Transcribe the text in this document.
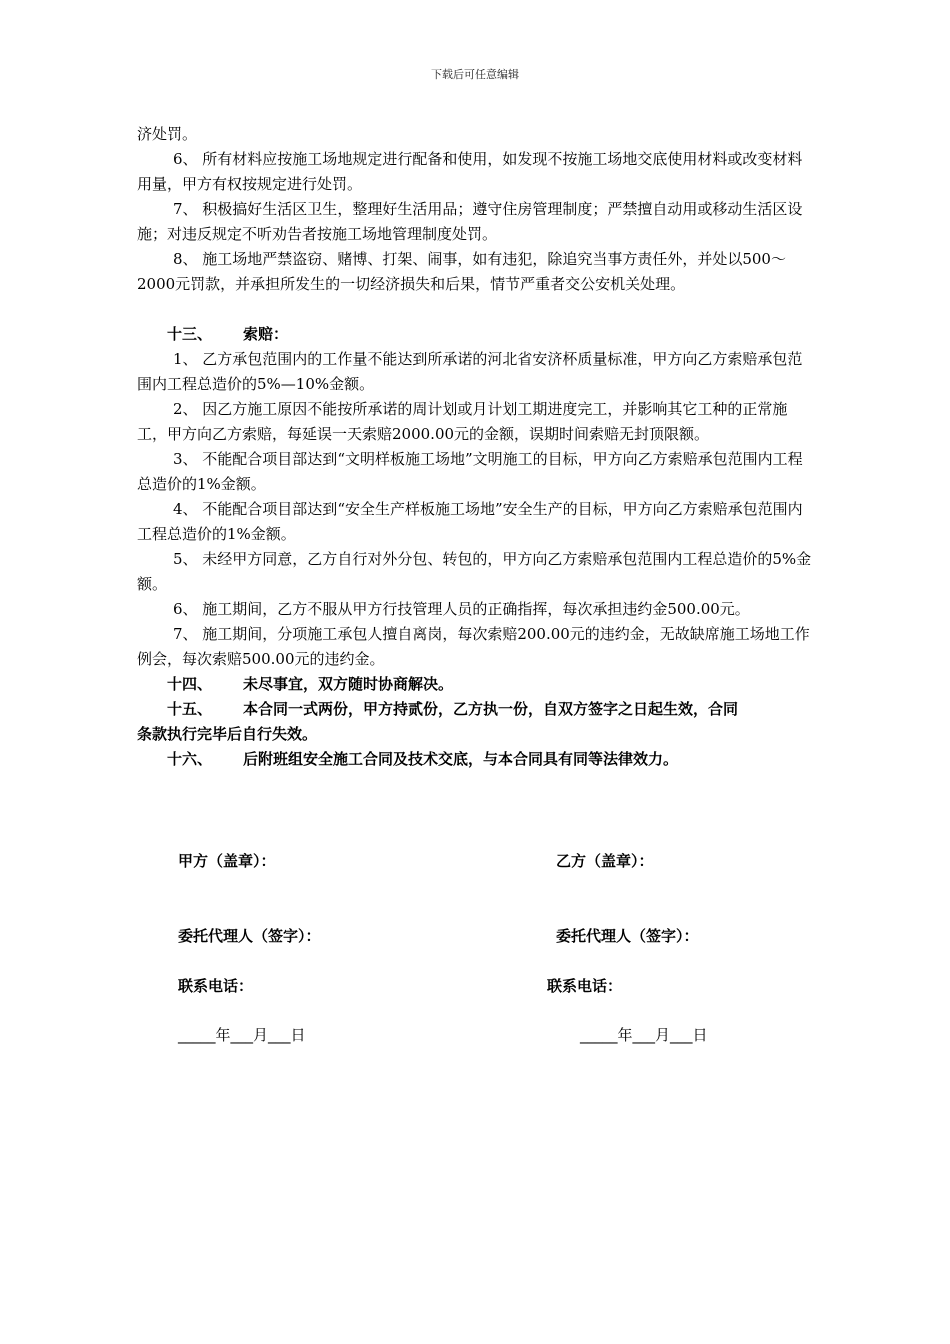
下载后可任意编辑

济处罚。

6、 所有材料应按施工场地规定进行配备和使用，如发现不按施工场地交底使用材料或改变材料用量，甲方有权按规定进行处罚。

7、 积极搞好生活区卫生，整理好生活用品；遵守住房管理制度；严禁擅自动用或移动生活区设施；对违反规定不听劝告者按施工场地管理制度处罚。

8、 施工场地严禁盗窃、赌博、打架、闹事，如有违犯，除追究当事方责任外，并处以500～2000元罚款，并承担所发生的一切经济损失和后果，情节严重者交公安机关处理。

十三、 索赔：

1、 乙方承包范围内的工作量不能达到所承诺的河北省安济杯质量标准，甲方向乙方索赔承包范围内工程总造价的5%—10%金额。

2、 因乙方施工原因不能按所承诺的周计划或月计划工期进度完工，并影响其它工种的正常施工，甲方向乙方索赔，每延误一天索赔2000.00元的金额，误期时间索赔无封顶限额。

3、 不能配合项目部达到“文明样板施工场地”文明施工的目标，甲方向乙方索赔承包范围内工程总造价的1%金额。

4、 不能配合项目部达到“安全生产样板施工场地”安全生产的目标，甲方向乙方索赔承包范围内工程总造价的1%金额。

5、 未经甲方同意，乙方自行对外分包、转包的，甲方向乙方索赔承包范围内工程总造价的5%金额。

6、 施工期间，乙方不服从甲方行技管理人员的正确指挥，每次承担违约金500.00元。

7、 施工期间，分项施工承包人擅自离岗，每次索赔200.00元的违约金，无故缺席施工场地工作例会，每次索赔500.00元的违约金。

十四、 未尽事宜，双方随时协商解决。

十五、 本合同一式两份，甲方持贰份，乙方执一份，自双方签字之日起生效，合同

条款执行完毕后自行失效。

十六、 后附班组安全施工合同及技术交底，与本合同具有同等法律效力。

甲方（盖章）：	乙方（盖章）：
委托代理人（签字）：	委托代理人（签字）：
联系电话：	联系电话：
_____年___月___日	_____年___月___日
